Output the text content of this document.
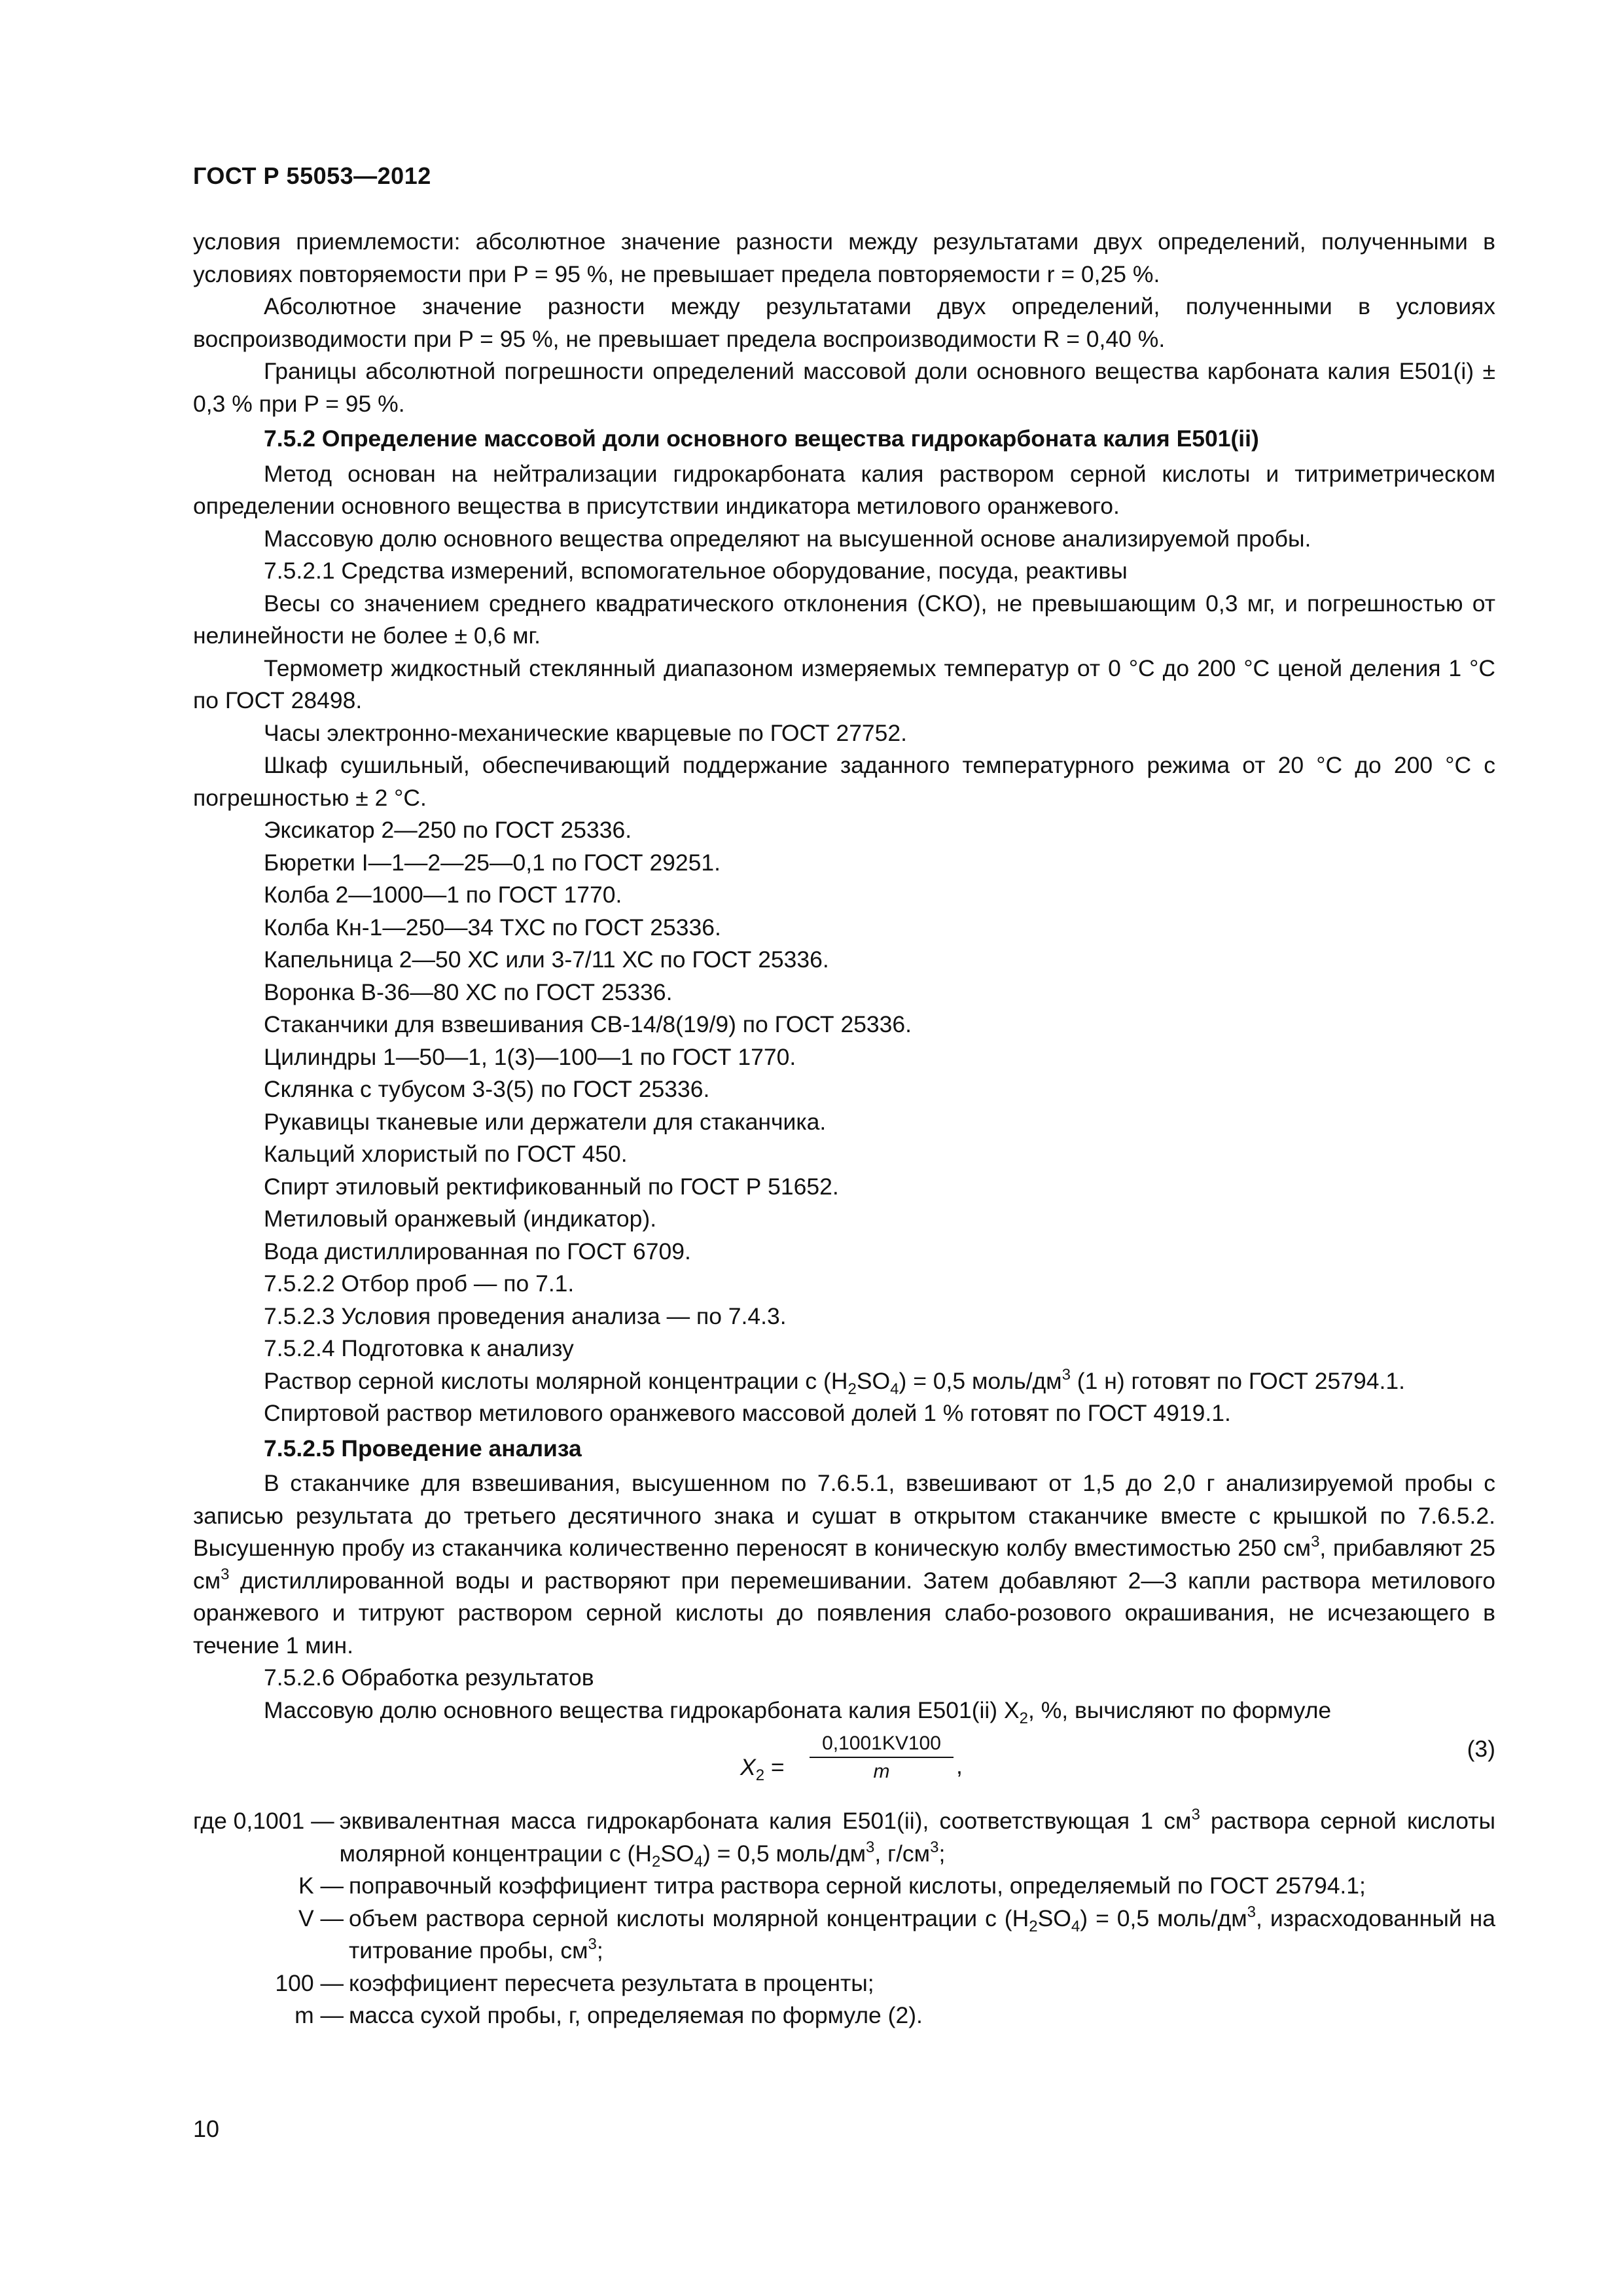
ГОСТ Р 55053—2012

условия приемлемости: абсолютное значение разности между результатами двух определений, полученными в условиях повторяемости при P = 95 %, не превышает предела повторяемости r = 0,25 %.

Абсолютное значение разности между результатами двух определений, полученными в условиях воспроизводимости при P = 95 %, не превышает предела воспроизводимости R = 0,40 %.

Границы абсолютной погрешности определений массовой доли основного вещества карбоната калия Е501(i) ± 0,3 % при P = 95 %.

7.5.2 Определение массовой доли основного вещества гидрокарбоната калия Е501(ii)

Метод основан на нейтрализации гидрокарбоната калия раствором серной кислоты и титриметрическом определении основного вещества в присутствии индикатора метилового оранжевого.

Массовую долю основного вещества определяют на высушенной основе анализируемой пробы.

7.5.2.1 Средства измерений, вспомогательное оборудование, посуда, реактивы

Весы со значением среднего квадратического отклонения (СКО), не превышающим 0,3 мг, и погрешностью от нелинейности не более ± 0,6 мг.

Термометр жидкостный стеклянный диапазоном измеряемых температур от 0 °С до 200 °С ценой деления 1 °С по ГОСТ 28498.

Часы электронно-механические кварцевые по ГОСТ 27752.

Шкаф сушильный, обеспечивающий поддержание заданного температурного режима от 20 °С до 200 °С с погрешностью ± 2 °С.

Эксикатор 2—250 по ГОСТ 25336.

Бюретки I—1—2—25—0,1 по ГОСТ 29251.

Колба 2—1000—1 по ГОСТ 1770.

Колба Кн-1—250—34 ТХС по ГОСТ 25336.

Капельница 2—50 ХС или 3-7/11 ХС по ГОСТ 25336.

Воронка В-36—80 ХС по ГОСТ 25336.

Стаканчики для взвешивания СВ-14/8(19/9) по ГОСТ 25336.

Цилиндры 1—50—1, 1(3)—100—1 по ГОСТ 1770.

Склянка с тубусом 3-3(5) по ГОСТ 25336.

Рукавицы тканевые или держатели для стаканчика.

Кальций хлористый по ГОСТ 450.

Спирт этиловый ректификованный по ГОСТ Р 51652.

Метиловый оранжевый (индикатор).

Вода дистиллированная по ГОСТ 6709.

7.5.2.2 Отбор проб — по 7.1.

7.5.2.3 Условия проведения анализа — по 7.4.3.

7.5.2.4 Подготовка к анализу

Раствор серной кислоты молярной концентрации c $(H_2SO_4) = 0,5$ моль/$дм^3$ (1 н) готовят по ГОСТ 25794.1.

Спиртовой раствор метилового оранжевого массовой долей 1 % готовят по ГОСТ 4919.1.

7.5.2.5 Проведение анализа

В стаканчике для взвешивания, высушенном по 7.6.5.1, взвешивают от 1,5 до 2,0 г анализируемой пробы с записью результата до третьего десятичного знака и сушат в открытом стаканчике вместе с крышкой по 7.6.5.2. Высушенную пробу из стаканчика количественно переносят в коническую колбу вместимостью 250 $см^3$, прибавляют 25 $см^3$ дистиллированной воды и растворяют при перемешивании. Затем добавляют 2—3 капли раствора метилового оранжевого и титруют раствором серной кислоты до появления слабо-розового окрашивания, не исчезающего в течение 1 мин.

7.5.2.6 Обработка результатов

Массовую долю основного вещества гидрокарбоната калия Е501(ii) $X_2$, %, вычисляют по формуле

$X_2 = \frac{0,1001KV100}{m}$ ,
(3)
где 0,1001 — эквивалентная масса гидрокарбоната калия Е501(ii), соответствующая 1 $см^3$ раствора серной кислоты молярной концентрации c $(H_2SO_4) = 0,5$ моль/$дм^3$, $г/см^3$;
K — поправочный коэффициент титра раствора серной кислоты, определяемый по ГОСТ 25794.1;
V — объем раствора серной кислоты молярной концентрации c $(H_2SO_4) = 0,5$ моль/$дм^3$, израсходованный на титрование пробы, $см^3$;
100 — коэффициент пересчета результата в проценты;
m — масса сухой пробы, г, определяемая по формуле (2).
10
